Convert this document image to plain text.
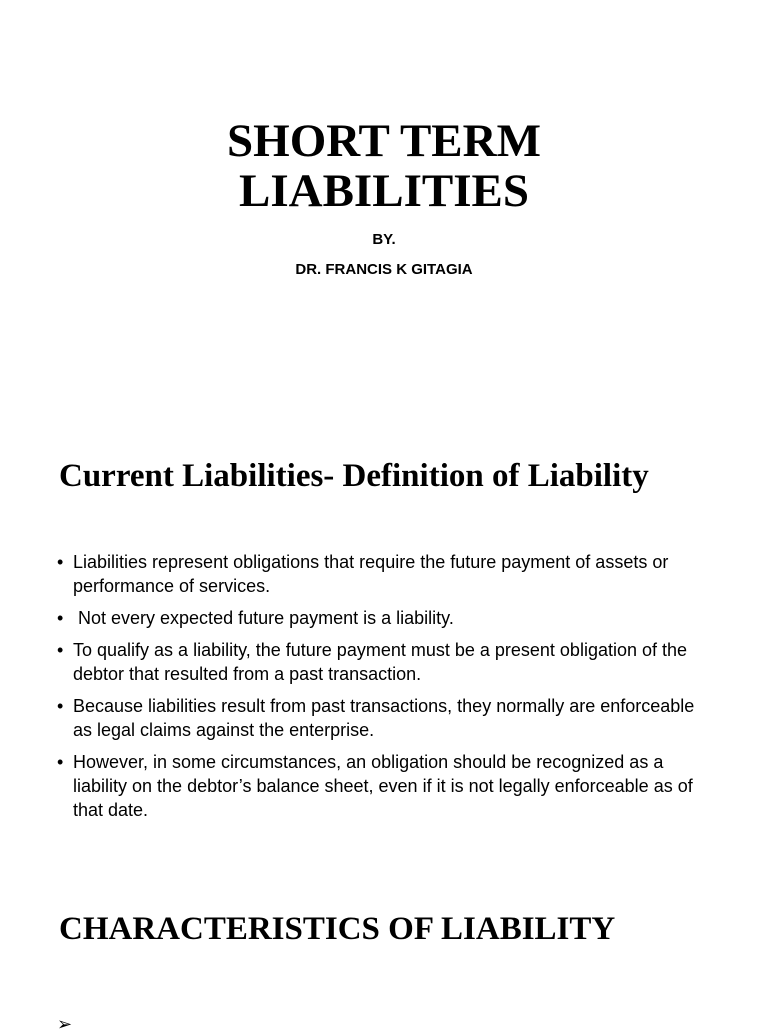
SHORT TERM
LIABILITIES

BY.

DR. FRANCIS K GITAGIA

Current Liabilities- Definition of Liability
• Liabilities represent obligations that require the future payment of assets or performance of services.
• Not every expected future payment is a liability.
• To qualify as a liability, the future payment must be a present obligation of the debtor that resulted from a past transaction.
• Because liabilities result from past transactions, they normally are enforceable as legal claims against the enterprise.
• However, in some circumstances, an obligation should be recognized as a liability on the debtor’s balance sheet, even if it is not legally enforceable as of that date.
CHARACTERISTICS OF LIABILITY
➢
